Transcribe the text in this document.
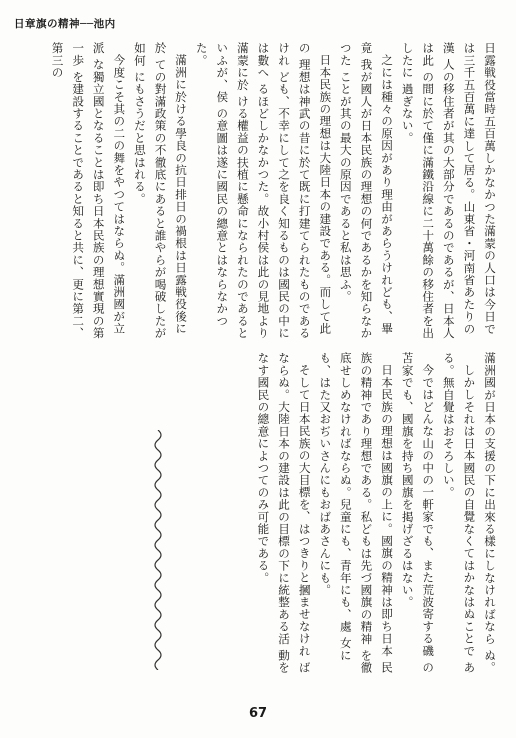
日章旗の精神──池内

日露戦役當時五百萬しかなかつた滿蒙の人口は今日で は三千五百萬に達して居る。山東省・河南省あたりの漢 人の移住者が其の大部分であるのであるが、日本人は此 の間に於て僅に滿鐵沿線に二十萬餘の移住者を出したに 過ぎない。

之には種々の原因があり理由があらうけれども、畢竟 我が國人が日本民族の理想の何であるかを知らなかつた ことが其の最大の原因であると私は思ふ。

日本民族の理想は大陸日本の建設である。而して此の 理想は神武の昔に於て既に打建てられたものであるけれ ども、不幸にして之を良く知るものは國民の中には數へ るほどしかなかつた。故小村侯は此の見地より滿蒙に於 ける權益の扶植に懸命になられたのであるといふが、侯 の意圖は遂に國民の總意とはならなかつた。

滿洲に於ける學良の抗日排日の禍根は日露戦役後に於 ての對滿政策の不徹底にあると誰やらが喝破したが如何 にもさうだと思はれる。

今度こそ其の二の舞をやつてはならぬ。滿洲國が立派 な獨立國となることは即ち日本民族の理想實現の第一歩 を建設することであると知ると共に、更に第二、第三の

滿洲國が日本の支援の下に出來る樣にしなければなら ぬ。

しかしそれは日本國民の自覺なくてはかなはぬことで ある。無自覺はおそろしい。

今ではどんな山の中の一軒家でも、また荒波寄する磯 の苫家でも、國旗を持ち國旗を掲げざるはない。

日本民族の理想は國旗の上に。國旗の精神は即ち日本 民族の精神であり理想である。私どもは先づ國旗の精神 を徹底せしめなければならぬ。兒童にも、青年にも、處 女にも、はた又おぢいさんにもおばあさんにも。

そして日本民族の大目標を、はつきりと摑ませなけれ ばならぬ。大陸日本の建設は此の目標の下に統整ある活 動をなす國民の總意によつてのみ可能である。

67
